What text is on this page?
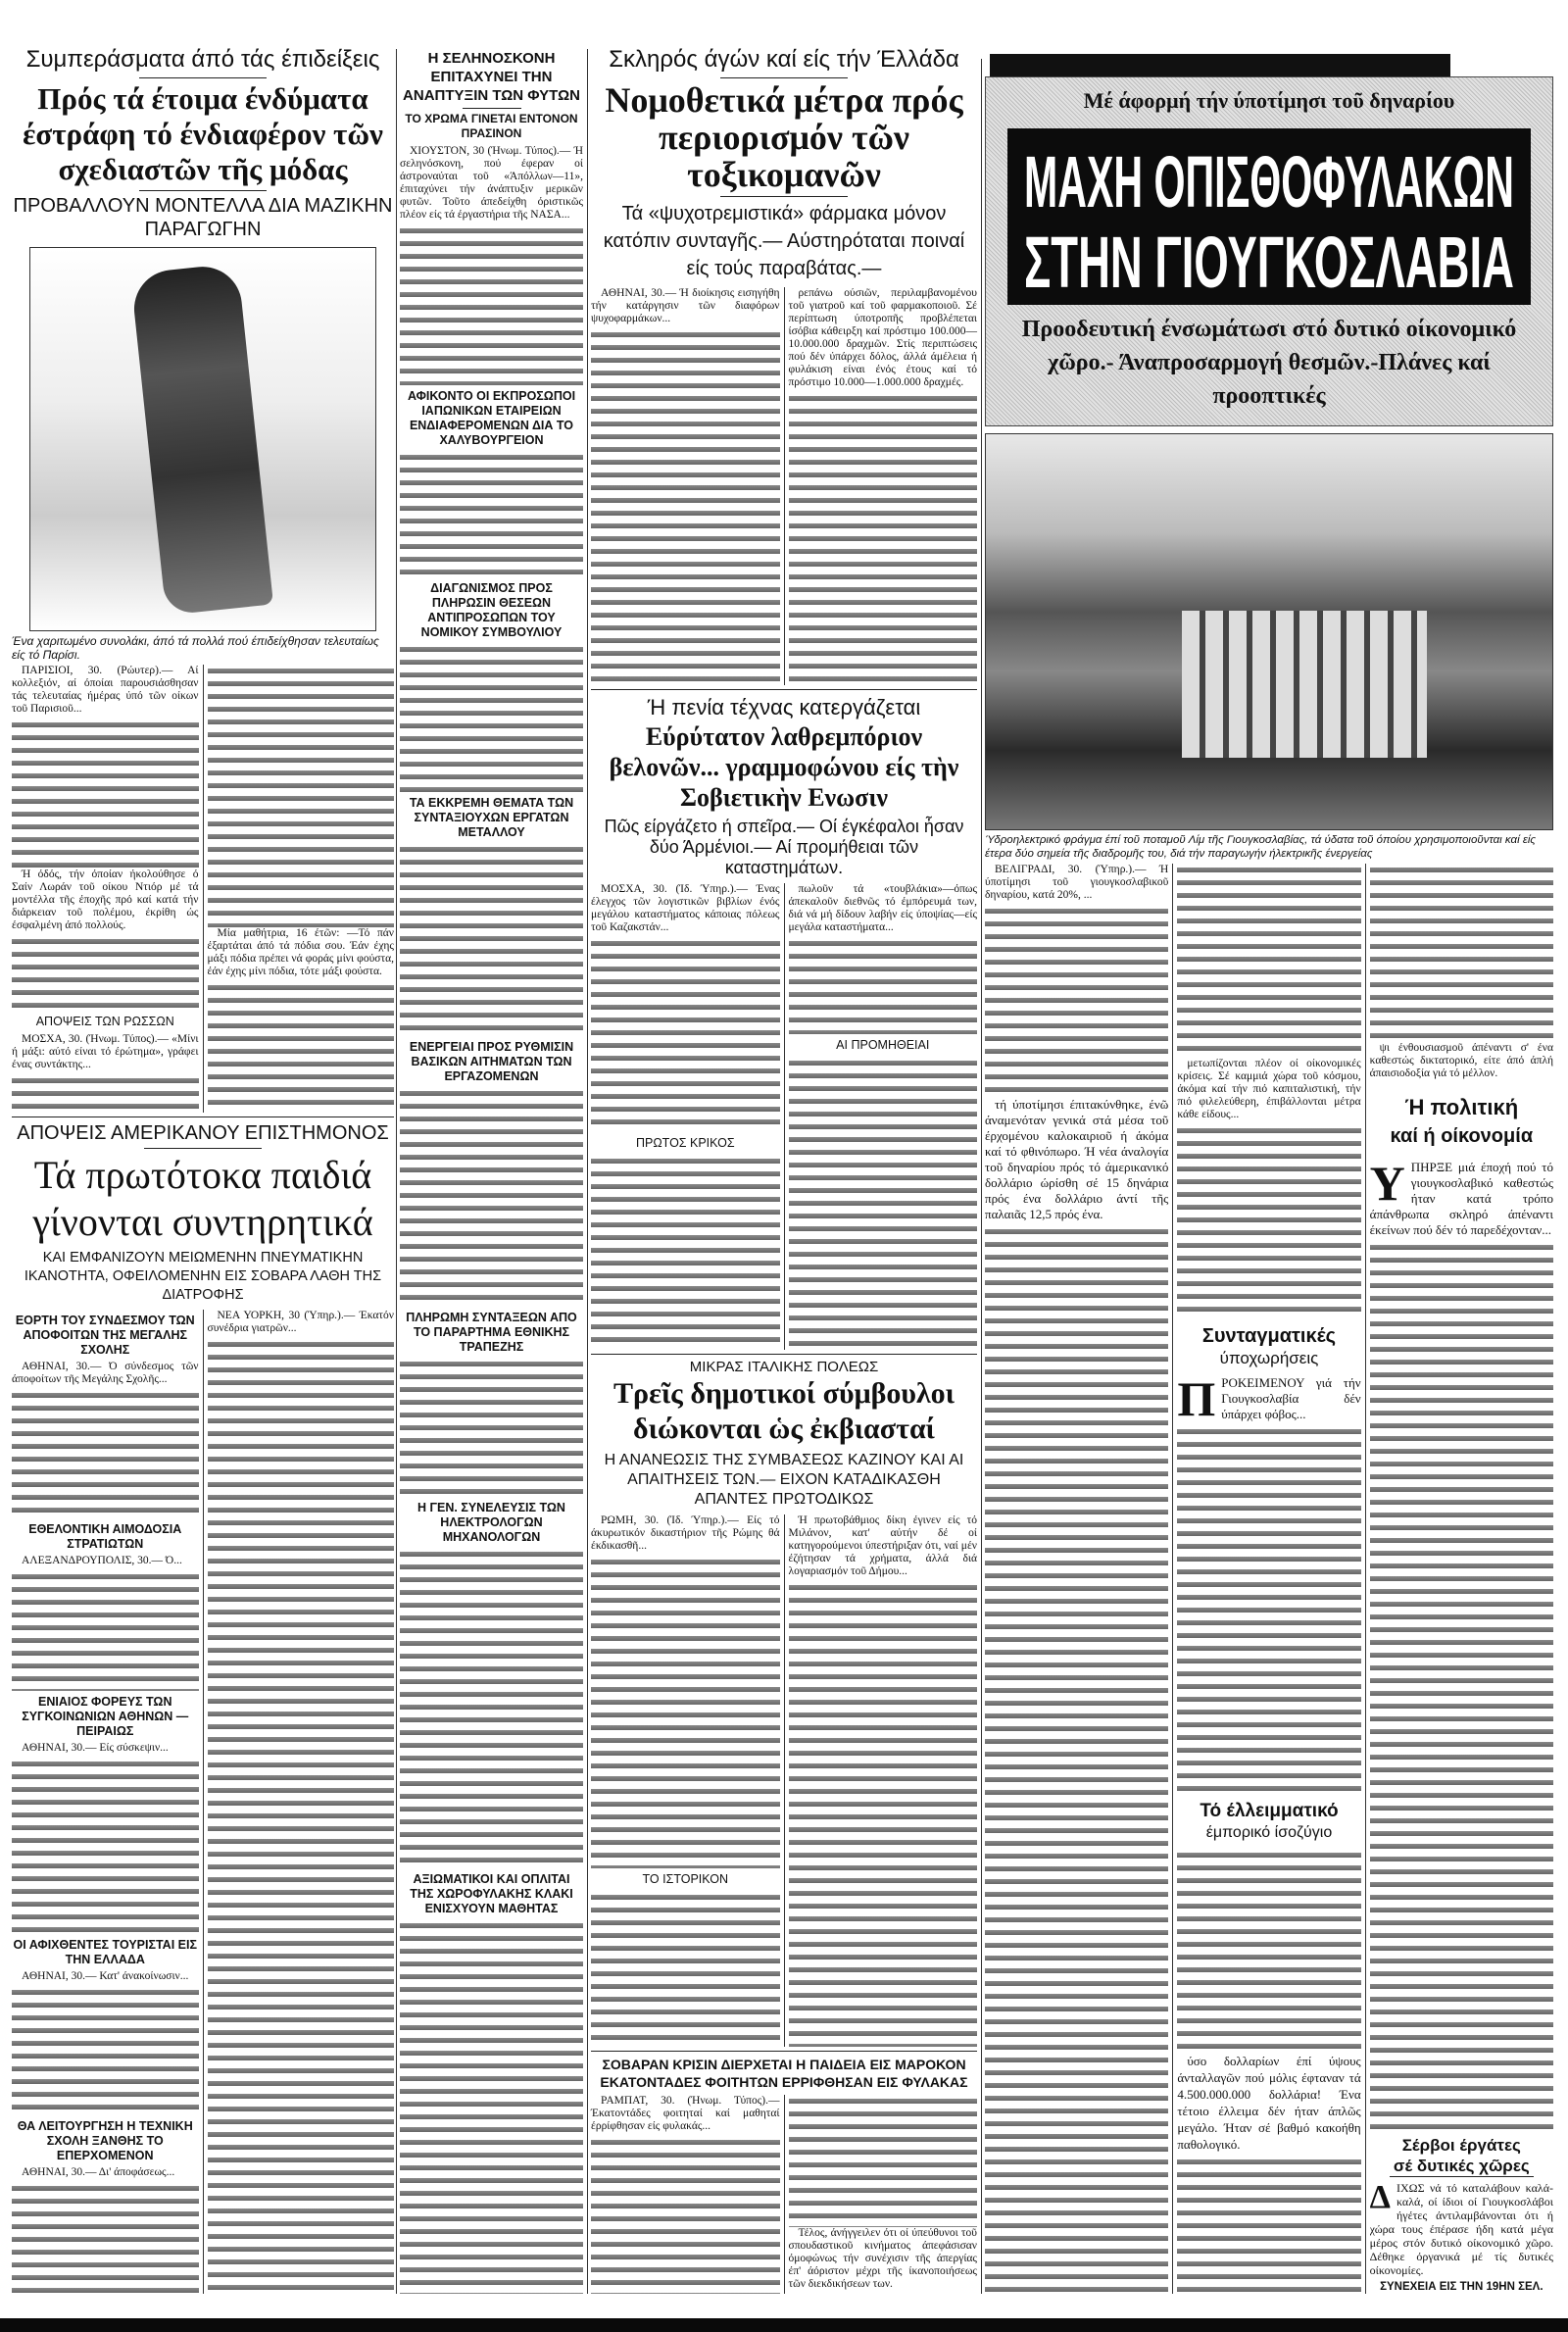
Συμπεράσματα άπό τάς έπιδείξεις
Πρός τά έτοιμα ένδύματα έστράφη τό ένδιαφέρον τῶν σχεδιαστῶν τῆς μόδας
ΠΡΟΒΑΛΛΟΥΝ ΜΟΝΤΕΛΛΑ ΔΙΑ ΜΑΖΙΚΗΝ ΠΑΡΑΓΩΓΗΝ
Ένα χαριτωμένο συνολάκι, άπό τά πολλά πού έπιδείχθησαν τελευταίως είς τό Παρίσι.

ΠΑΡΙΣΙΟΙ, 30. (Ρώυτερ).— Αί κολλεξιόν, αί όποίαι παρουσιάσθησαν τάς τελευταίας ήμέρας ύπό τῶν οίκων τοῦ Παρισιοῦ...

Ή όδός, τήν όποίαν ήκολούθησε ό Σαίν Λωράν τοῦ οίκου Ντιόρ μέ τά μοντέλλα τῆς έποχῆς πρό καί κατά τήν διάρκειαν τοῦ πολέμου, έκρίθη ώς έσφαλμένη άπό πολλούς.

ΑΠΟΨΕΙΣ ΤΩΝ ΡΩΣΣΩΝ

ΜΟΣΧΑ, 30. (Ήνωμ. Τύπος).— «Μίνι ή μάξι: αύτό είναι τό έρώτημα», γράφει ένας συντάκτης...

Μία μαθήτρια, 16 έτῶν: —Τό πάν έξαρτάται άπό τά πόδια σου. Έάν έχης μάξι πόδια πρέπει νά φοράς μίνι φούστα, έάν έχης μίνι πόδια, τότε μάξι φούστα.

ΑΠΟΨΕΙΣ ΑΜΕΡΙΚΑΝΟΥ ΕΠΙΣΤΗΜΟΝΟΣ
Τά πρωτότοκα παιδιά γίνονται συντηρητικά
ΚΑΙ ΕΜΦΑΝΙΖΟΥΝ ΜΕΙΩΜΕΝΗΝ ΠΝΕΥΜΑΤΙΚΗΝ ΙΚΑΝΟΤΗΤΑ, ΟΦΕΙΛΟΜΕΝΗΝ ΕΙΣ ΣΟΒΑΡΑ ΛΑΘΗ ΤΗΣ ΔΙΑΤΡΟΦΗΣ
ΕΟΡΤΗ ΤΟΥ ΣΥΝΔΕΣΜΟΥ ΤΩΝ ΑΠΟΦΟΙΤΩΝ ΤΗΣ ΜΕΓΑΛΗΣ ΣΧΟΛΗΣ

ΑΘΗΝΑΙ, 30.— Ό σύνδεσμος τῶν άποφοίτων τῆς Μεγάλης Σχολῆς...

ΕΘΕΛΟΝΤΙΚΗ ΑΙΜΟΔΟΣΙΑ ΣΤΡΑΤΙΩΤΩΝ

ΑΛΕΞΑΝΔΡΟΥΠΟΛΙΣ, 30.— Ό...

ΕΝΙΑΙΟΣ ΦΟΡΕΥΣ ΤΩΝ ΣΥΓΚΟΙΝΩΝΙΩΝ ΑΘΗΝΩΝ — ΠΕΙΡΑΙΩΣ

ΑΘΗΝΑΙ, 30.— Είς σύσκεψιν...

ΟΙ ΑΦΙΧΘΕΝΤΕΣ ΤΟΥΡΙΣΤΑΙ ΕΙΣ ΤΗΝ ΕΛΛΑΔΑ

ΑΘΗΝΑΙ, 30.— Κατ' άνακοίνωσιν...

ΘΑ ΛΕΙΤΟΥΡΓΗΣΗ Η ΤΕΧΝΙΚΗ ΣΧΟΛΗ ΞΑΝΘΗΣ ΤΟ ΕΠΕΡΧΟΜΕΝΟΝ

ΑΘΗΝΑΙ, 30.— Δι' άποφάσεως...

ΝΕΑ ΥΟΡΚΗ, 30 (Ύπηρ.).— Έκατόν συνέδρια γιατρῶν...

Η ΣΕΛΗΝΟΣΚΟΝΗ ΕΠΙΤΑΧΥΝΕΙ ΤΗΝ ΑΝΑΠΤΥΞΙΝ ΤΩΝ ΦΥΤΩΝ
ΤΟ ΧΡΩΜΑ ΓΙΝΕΤΑΙ ΕΝΤΟΝΟΝ ΠΡΑΣΙΝΟΝ

ΧΙΟΥΣΤΟΝ, 30 (Ήνωμ. Τύπος).— Ή σεληνόσκονη, πού έφεραν οί άστροναύται τοῦ «Άπόλλων—11», έπιταχύνει τήν άνάπτυξιν μερικῶν φυτῶν. Τοῦτο άπεδείχθη όριστικῶς πλέον είς τά έργαστήρια τῆς ΝΑΣΑ...

ΑΦΙΚΟΝΤΟ ΟΙ ΕΚΠΡΟΣΩΠΟΙ ΙΑΠΩΝΙΚΩΝ ΕΤΑΙΡΕΙΩΝ ΕΝΔΙΑΦΕΡΟΜΕΝΩΝ ΔΙΑ ΤΟ ΧΑΛΥΒΟΥΡΓΕΙΟΝ
ΔΙΑΓΩΝΙΣΜΟΣ ΠΡΟΣ ΠΛΗΡΩΣΙΝ ΘΕΣΕΩΝ ΑΝΤΙΠΡΟΣΩΠΩΝ ΤΟΥ ΝΟΜΙΚΟΥ ΣΥΜΒΟΥΛΙΟΥ
ΤΑ ΕΚΚΡΕΜΗ ΘΕΜΑΤΑ ΤΩΝ ΣΥΝΤΑΞΙΟΥΧΩΝ ΕΡΓΑΤΩΝ ΜΕΤΑΛΛΟΥ
ΕΝΕΡΓΕΙΑΙ ΠΡΟΣ ΡΥΘΜΙΣΙΝ ΒΑΣΙΚΩΝ ΑΙΤΗΜΑΤΩΝ ΤΩΝ ΕΡΓΑΖΟΜΕΝΩΝ
ΠΛΗΡΩΜΗ ΣΥΝΤΑΞΕΩΝ ΑΠΟ ΤΟ ΠΑΡΑΡΤΗΜΑ ΕΘΝΙΚΗΣ ΤΡΑΠΕΖΗΣ
Η ΓΕΝ. ΣΥΝΕΛΕΥΣΙΣ ΤΩΝ ΗΛΕΚΤΡΟΛΟΓΩΝ ΜΗΧΑΝΟΛΟΓΩΝ
ΑΞΙΩΜΑΤΙΚΟΙ ΚΑΙ ΟΠΛΙΤΑΙ ΤΗΣ ΧΩΡΟΦΥΛΑΚΗΣ ΚΛΑΚΙ ΕΝΙΣΧΥΟΥΝ ΜΑΘΗΤΑΣ
Σκληρός άγών καί είς τήν Έλλάδα
Νομοθετικά μέτρα πρός περιορισμόν τῶν τοξικομανῶν
Τά «ψυχοτρεμιστικά» φάρμακα μόνον κατόπιν συνταγῆς.— Αύστηρόταται ποιναί είς τούς παραβάτας.—

ΑΘΗΝΑΙ, 30.— Ή διοίκησις εισηγήθη τήν κατάργησιν τῶν διαφόρων ψυχοφαρμάκων...

ρεπάνω ούσιῶν, περιλαμβανομένου τοῦ γιατροῦ καί τοῦ φαρμακοποιοῦ. Σέ περίπτωση ύποτροπῆς προβλέπεται ίσόβια κάθειρξη καί πρόστιμο 100.000—10.000.000 δραχμῶν. Στίς περιπτώσεις πού δέν ύπάρχει δόλος, άλλά άμέλεια ή φυλάκιση είναι ένός έτους καί τό πρόστιμο 10.000—1.000.000 δραχμές.

Ή πενία τέχνας κατεργάζεται
Εύρύτατον λαθρεμπόριον βελονῶν... γραμμοφώνου είς τὴν Σοβιετικὴν Ενωσιν
Πῶς είργάζετο ή σπεῖρα.— Οί έγκέφαλοι ἦσαν δύο Άρμένιοι.— Αί προμήθειαι τῶν καταστημάτων.

ΜΟΣΧΑ, 30. (Ίδ. Ύπηρ.).— Ένας έλεγχος τῶν λογιστικῶν βιβλίων ένός μεγάλου καταστήματος κάποιας πόλεως τοῦ Καζακστάν...

ΠΡΩΤΟΣ ΚΡΙΚΟΣ

πωλοῦν τά «τουβλάκια»—όπως άπεκαλοῦν διεθνῶς τό έμπόρευμά των, διά νά μή δίδουν λαβήν είς ύποψίας—είς μεγάλα καταστήματα...

ΑΙ ΠΡΟΜΗΘΕΙΑΙ
ΜΙΚΡΑΣ ΙΤΑΛΙΚΗΣ ΠΟΛΕΩΣ
Τρεῖς δημοτικοί σύμβουλοι διώκονται ὡς ἐκβιασταί
Η ΑΝΑΝΕΩΣΙΣ ΤΗΣ ΣΥΜΒΑΣΕΩΣ ΚΑΖΙΝΟΥ ΚΑΙ ΑΙ ΑΠΑΙΤΗΣΕΙΣ ΤΩΝ.— ΕΙΧΟΝ ΚΑΤΑΔΙΚΑΣΘΗ ΑΠΑΝΤΕΣ ΠΡΩΤΟΔΙΚΩΣ

ΡΩΜΗ, 30. (Ίδ. Ύπηρ.).— Είς τό άκυρωτικόν δικαστήριον τῆς Ρώμης θά έκδικασθῆ...

ΤΟ ΙΣΤΟΡΙΚΟΝ

Ή πρωτοβάθμιος δίκη έγινεν είς τό Μιλάνον, κατ' αύτήν δέ οί κατηγορούμενοι ύπεστήριξαν ότι, ναί μέν έζήτησαν τά χρήματα, άλλά διά λογαριασμόν τοῦ Δήμου...

ΣΟΒΑΡΑΝ ΚΡΙΣΙΝ ΔΙΕΡΧΕΤΑΙ Η ΠΑΙΔΕΙΑ ΕΙΣ ΜΑΡΟΚΟΝ
ΕΚΑΤΟΝΤΑΔΕΣ ΦΟΙΤΗΤΩΝ ΕΡΡΙΦΘΗΣΑΝ ΕΙΣ ΦΥΛΑΚΑΣ

ΡΑΜΠΑΤ, 30. (Ήνωμ. Τύπος).— Έκατοντάδες φοιτηταί καί μαθηταί έρρίφθησαν είς φυλακάς...

Τέλος, άνήγγειλεν ότι οί ύπεύθυνοι τοῦ σπουδαστικοῦ κινήματος άπεφάσισαν όμοφώνως τήν συνέχισιν τῆς άπεργίας έπ' άόριστον μέχρι τῆς ίκανοποιήσεως τῶν διεκδικήσεων των.

Μέ άφορμή τήν ύποτίμησι τοῦ δηναρίου
ΜΑΧΗ ΟΠΙΣΘΟΦΥΛΑΚΩΝ
ΣΤΗΝ ΓΙΟΥΓΚΟΣΛΑΒΙΑ
Προοδευτική ένσωμάτωσι στό δυτικό οίκονομικό χῶρο.- Άναπροσαρμογή θεσμῶν.-Πλάνες καί προοπτικές
Ύδροηλεκτρικό φράγμα έπί τοῦ ποταμοῦ Λίμ τῆς Γιουγκοσλαβίας, τά ύδατα τοῦ όποίου χρησιμοποιοῦνται καί είς έτερα δύο σημεία τῆς διαδρομῆς του, διά τήν παραγωγήν ήλεκτρικῆς ένεργείας

ΒΕΛΙΓΡΑΔΙ, 30. (Ύπηρ.).— Ή ύποτίμησι τοῦ γιουγκοσλαβικοῦ δηναρίου, κατά 20%, ...

τή ύποτίμησι έπιτακύνθηκε, ένῶ άναμενόταν γενικά στά μέσα τοῦ έρχομένου καλοκαιριοῦ ή άκόμα καί τό φθινόπωρο. Ή νέα άναλογία τοῦ δηναρίου πρός τό άμερικανικό δολλάριο ώρίσθη σέ 15 δηνάρια πρός ένα δολλάριο άντί τῆς παλαιᾶς 12,5 πρός ένα.

μετωπίζονται πλέον οί οίκονομικές κρίσεις. Σέ καμμιά χώρα τοῦ κόσμου, άκόμα καί τήν πιό καπιταλιστική, τήν πιό φιλελεύθερη, έπιβάλλονται μέτρα κάθε είδους...

Συνταγματικές
ύποχωρήσεις

ΠΡΟΚΕΙΜΕΝΟΥ γιά τήν Γιουγκοσλαβία δέν ύπάρχει φόβος...

Τό έλλειμματικό
έμπορικό ίσοζύγιο

ύσο δολλαρίων έπί ύψους άνταλλαγῶν πού μόλις έφταναν τά 4.500.000.000 δολλάρια! Ένα τέτοιο έλλειμα δέν ήταν άπλῶς μεγάλο. Ήταν σέ βαθμό κακοήθη παθολογικό.

ψι ένθουσιασμοῦ άπέναντι σ' ένα καθεστώς δικτατορικό, είτε άπό άπλή άπαισιοδοξία γιά τό μέλλον.

Ή πολιτική
καί ή οίκονομία

ΥΠΗΡΞΕ μιά έποχή πού τό γιουγκοσλαβικό καθεστώς ήταν κατά τρόπο άπάνθρωπα σκληρό άπέναντι έκείνων πού δέν τό παρεδέχονταν...

Σέρβοι έργάτες
σέ δυτικές χῶρες

ΔΙΧΩΣ νά τό καταλάβουν καλά-καλά, οί ίδιοι οί Γιουγκοσλάβοι ήγέτες άντιλαμβάνονται ότι ή χώρα τους έπέρασε ήδη κατά μέγα μέρος στόν δυτικό οίκονομικό χῶρο. Δέθηκε όργανικά μέ τίς δυτικές οίκονομίες.

ΣΥΝΕΧΕΙΑ ΕΙΣ ΤΗΝ 19ΗΝ ΣΕΛ.
